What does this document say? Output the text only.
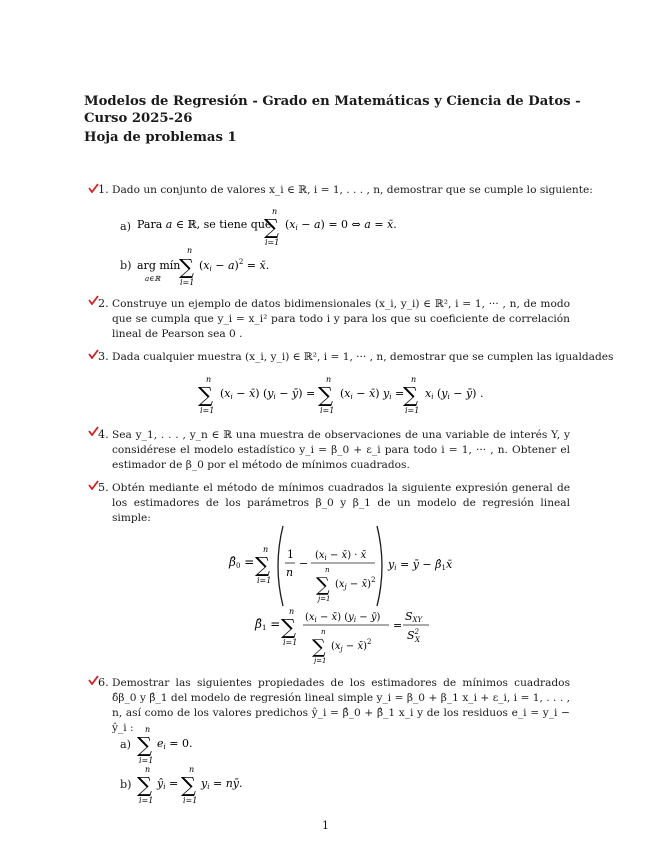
Modelos de Regresión - Grado en Matemáticas y Ciencia de Datos - Curso 2025-26
Hoja de problemas 1
1. Dado un conjunto de valores x_i ∈ ℝ, i = 1, . . . , n, demostrar que se cumple lo siguiente:
a) Para a ∈ ℝ, se tiene que
n
∑
i=1
(xi − a) = 0 ⇔ a = x̄.
b) arg mín
a∈ℝ
n
∑
i=1
(xi − a)$^2$ = x̄.
2. Construye un ejemplo de datos bidimensionales (x_i, y_i) ∈ ℝ², i = 1, ··· , n, de modo que se cumpla que y_i = x_i² para todo i y para los que su coeficiente de correlación lineal de Pearson sea 0 .
3. Dada cualquier muestra (x_i, y_i) ∈ ℝ², i = 1, ··· , n, demostrar que se cumplen las igualdades
n
∑
i=1
(xi − x̄) (yi − ȳ) =
n
∑
i=1
(xi − x̄) yi =
n
∑
i=1
xi (yi − ȳ) .
4. Sea y_1, . . . , y_n ∈ ℝ una muestra de observaciones de una variable de interés Y, y considérese el modelo estadístico y_i = β_0 + ε_i para todo i = 1, ··· , n. Obtener el estimador de β_0 por el método de mínimos cuadrados.
5. Obtén mediante el método de mínimos cuadrados la siguiente expresión general de los estimadores de los parámetros β_0 y β_1 de un modelo de regresión lineal simple:
β̂0 =
n
∑
i=1
1
n
−
($x_i$ − x̄) · x̄
n
∑
j=1
($x_j$ − x̄)$^2$
yi = ȳ − β̂1x̄
β̂1 =
n
∑
i=1
($x_i$ − x̄) ($y_i$ − ȳ)
n
∑
j=1
($x_j$ − x̄)$^2$
=
SXY
$S^2$ X
6. Demostrar las siguientes propiedades de los estimadores de mínimos cuadrados δ̂β_0 y β̂_1 del modelo de regresión lineal simple y_i = β_0 + β_1 x_i + ε_i, i = 1, . . . , n, así como de los valores predichos ŷ_i = β̂_0 + β̂_1 x_i y de los residuos e_i = y_i − ŷ_i :
a)
n
∑
i=1
ei = 0.
b)
n
∑
i=1
ŷi =
n
∑
i=1
yi = nȳ.
1
